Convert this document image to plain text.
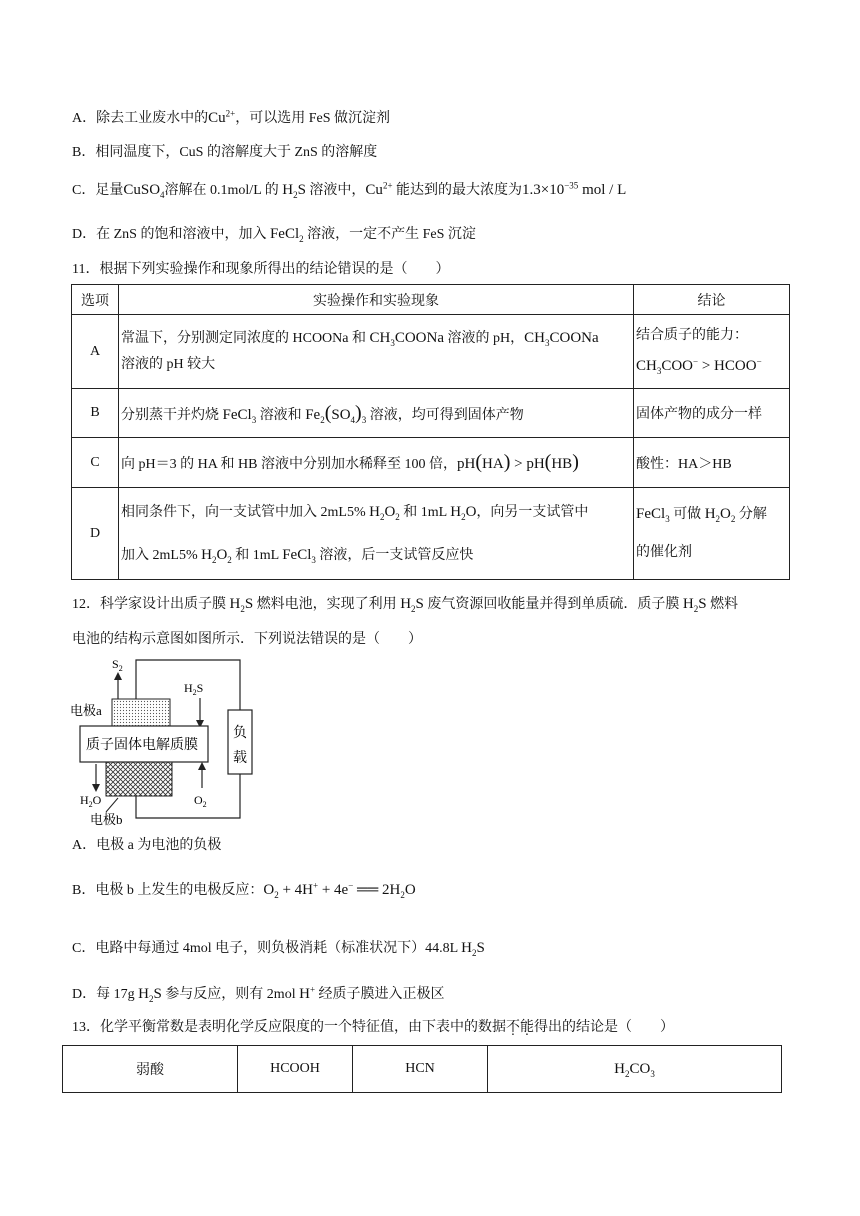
A．除去工业废水中的$Cu^{2+}$，可以选用 FeS 做沉淀剂
B．相同温度下，CuS 的溶解度大于 ZnS 的溶解度
C．足量CuSO$_4$溶解在 0.1mol/L 的 $H_2S$ 溶液中，$Cu^{2+}$ 能达到的最大浓度为$1.3\times 10^{-35}$ mol / L
D．在 ZnS 的饱和溶液中，加入 FeCl$_2$ 溶液，一定不产生 FeS 沉淀
11．根据下列实验操作和现象所得出的结论错误的是（　　）
选项	实验操作和实验现象	结论
A	常温下，分别测定同浓度的 HCOONa 和 $CH_3COONa$ 溶液的 pH，$CH_3COONa$
溶液的 pH 较大	结合质子的能力：
$CH_3COO^-$ > HCOO−
B	分别蒸干并灼烧 FeCl$_3$ 溶液和 $Fe_2(SO_4)_3$ 溶液，均可得到固体产物	固体产物的成分一样
C	向 pH＝3 的 HA 和 HB 溶液中分别加水稀释至 100 倍，pH(HA) > pH(HB)	酸性：HA＞HB
D	相同条件下，向一支试管中加入 2mL5% $H_2O_2$ 和 1mL $H_2O$，向另一支试管中
加入 2mL5% $H_2O_2$ 和 1mL FeCl$_3$ 溶液，后一支试管反应快	FeCl$_3$ 可做 $H_2O_2$ 分解
的催化剂
12．科学家设计出质子膜 $H_2S$ 燃料电池，实现了利用 $H_2S$ 废气资源回收能量并得到单质硫．质子膜 $H_2S$ 燃料
电池的结构示意图如图所示．下列说法错误的是（　　）
$S_2$
负
载
电极a
$H_2S$
质子固体电解质膜
$H_2O$	$O_2$
电极b
A．电极 a 为电池的负极
B．电极 b 上发生的电极反应：$O_2 + 4H^+ + 4e^-$ ══ $2H_2O$
C．电路中每通过 4mol 电子，则负极消耗（标准状况下）44.8L $H_2S$
D．每 17g $H_2S$ 参与反应，则有 2mol H+ 经质子膜进入正极区
13．化学平衡常数是表明化学反应限度的一个特征值，由下表中的数据不能得出的结论是（　　）
弱酸	HCOOH	HCN	$H_2CO_3$
